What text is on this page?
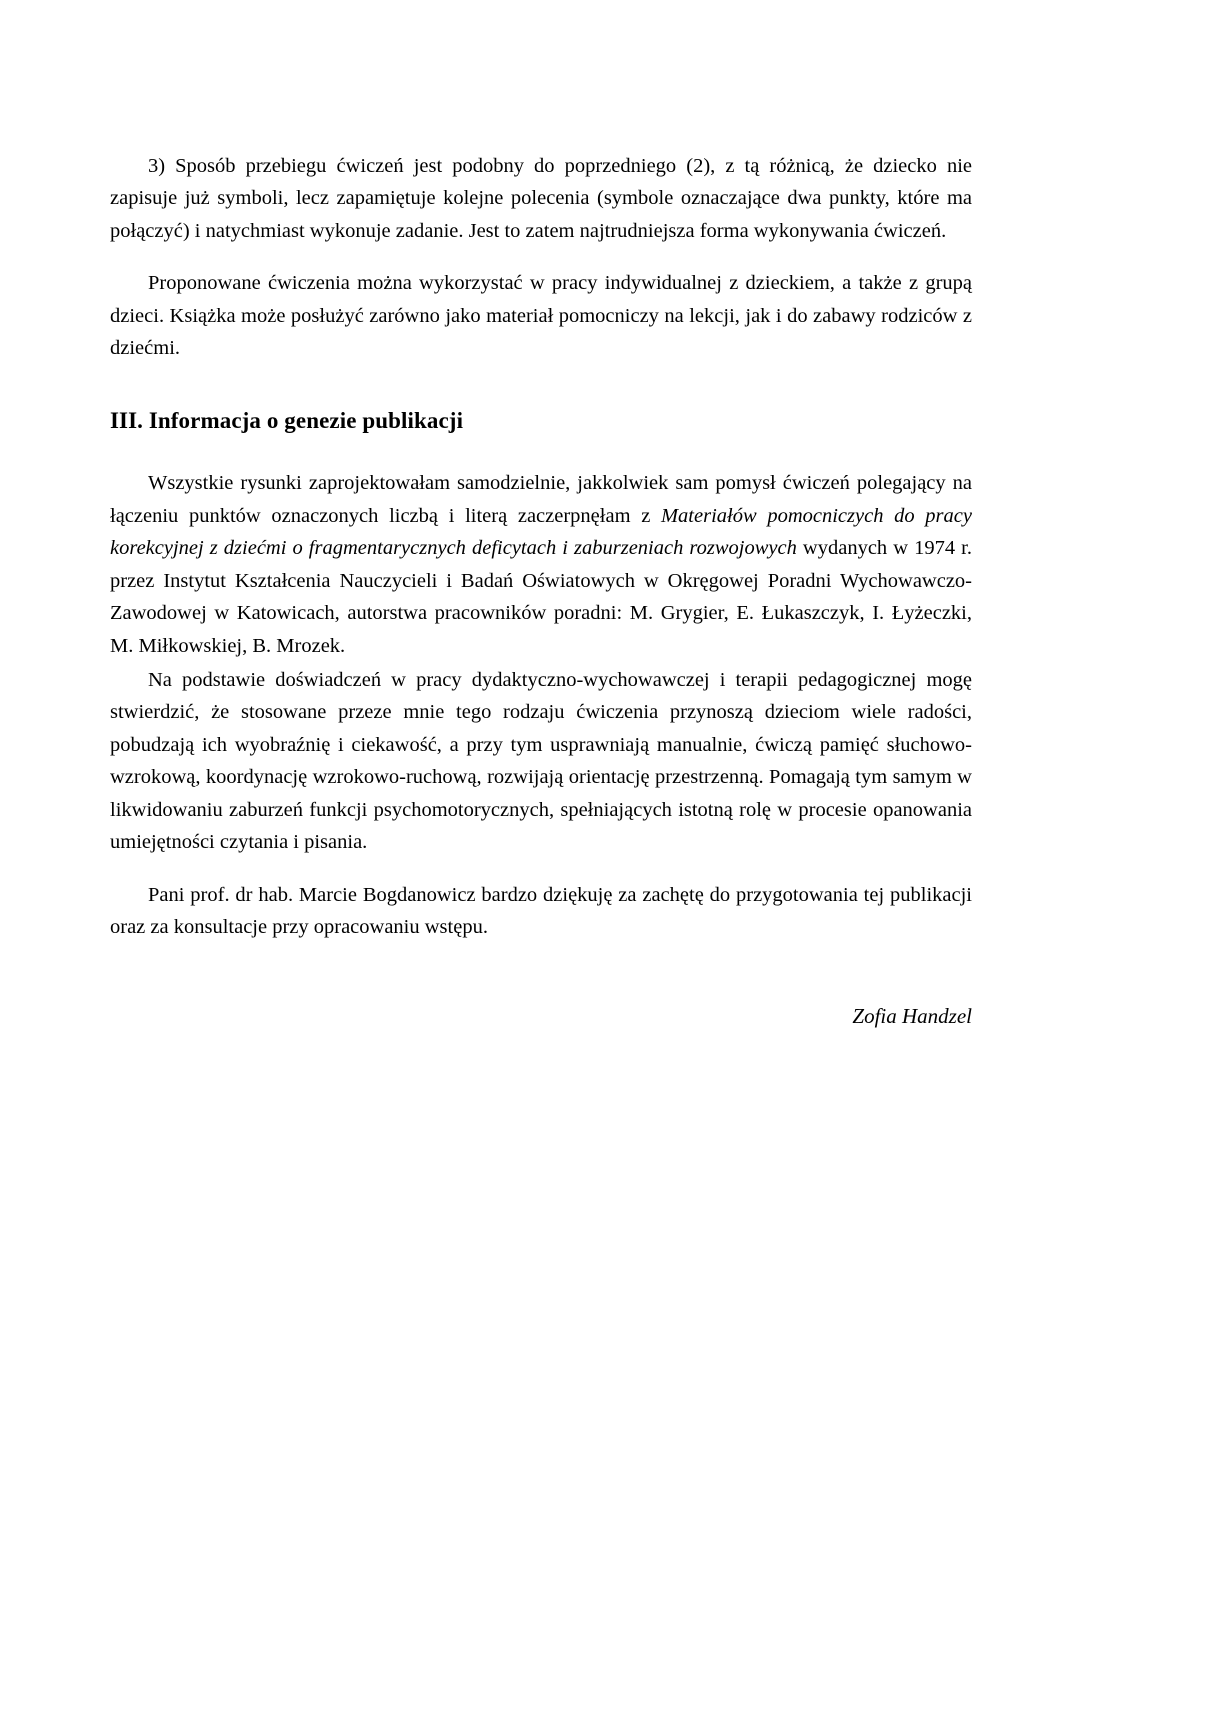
3) Sposób przebiegu ćwiczeń jest podobny do poprzedniego (2), z tą różnicą, że dziecko nie zapisuje już symboli, lecz zapamiętuje kolejne polecenia (symbole oznaczające dwa punkty, które ma połączyć) i natychmiast wykonuje zadanie. Jest to zatem najtrudniejsza forma wykonywania ćwiczeń.

Proponowane ćwiczenia można wykorzystać w pracy indywidualnej z dzieckiem, a także z grupą dzieci. Książka może posłużyć zarówno jako materiał pomocniczy na lekcji, jak i do zabawy rodziców z dziećmi.

III. Informacja o genezie publikacji

Wszystkie rysunki zaprojektowałam samodzielnie, jakkolwiek sam pomysł ćwiczeń polegający na łączeniu punktów oznaczonych liczbą i literą zaczerpnęłam z Materiałów pomocniczych do pracy korekcyjnej z dziećmi o fragmentarycznych deficytach i zaburzeniach rozwojowych wydanych w 1974 r. przez Instytut Kształcenia Nauczycieli i Badań Oświatowych w Okręgowej Poradni Wychowawczo-Zawodowej w Katowicach, autorstwa pracowników poradni: M. Grygier, E. Łukaszczyk, I. Łyżeczki, M. Miłkowskiej, B. Mrozek.

Na podstawie doświadczeń w pracy dydaktyczno-wychowawczej i terapii pedagogicznej mogę stwierdzić, że stosowane przeze mnie tego rodzaju ćwiczenia przynoszą dzieciom wiele radości, pobudzają ich wyobraźnię i ciekawość, a przy tym usprawniają manualnie, ćwiczą pamięć słuchowo-wzrokową, koordynację wzrokowo-ruchową, rozwijają orientację przestrzenną. Pomagają tym samym w likwidowaniu zaburzeń funkcji psychomotorycznych, spełniających istotną rolę w procesie opanowania umiejętności czytania i pisania.

Pani prof. dr hab. Marcie Bogdanowicz bardzo dziękuję za zachętę do przygotowania tej publikacji oraz za konsultacje przy opracowaniu wstępu.

Zofia Handzel
